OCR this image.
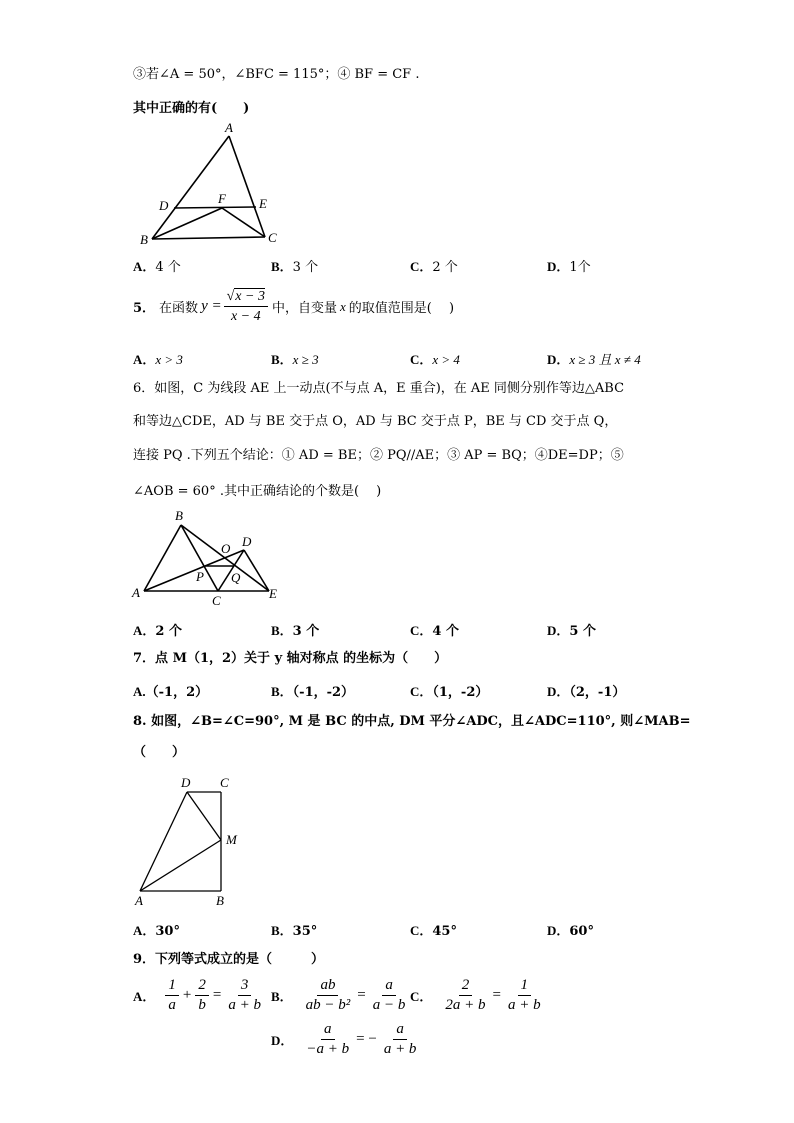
③若∠A = 50°，∠BFC = 115°；④ BF = CF .
其中正确的有(　　)
A
D	F	E
B	C
A．4 个	B．3 个	C．2 个	D．1个
5． 在函数 $y = \frac{√x - 3}{x - 4}$ 中，自变量 x 的取值范围是(　 )
A．x > 3	B．x ≥ 3	C．x > 4	D．x ≥ 3 且 x ≠ 4
6．如图，C 为线段 AE 上一动点(不与点 A，E 重合)，在 AE 同侧分别作等边△ABC
和等边△CDE，AD 与 BE 交于点 O，AD 与 BC 交于点 P，BE 与 CD 交于点 Q，
连接 PQ .下列五个结论：① AD = BE；② PQ//AE；③ AP = BQ；④DE=DP；⑤
∠AOB = 60° .其中正确结论的个数是(　 )
A
B
C
D
E
O
P Q
A．2 个	B．3 个	C．4 个	D．5 个
7．点 M（1，2）关于 y 轴对称点 的坐标为（　　）
A.（-1，2）	B．（-1，-2）	C．（1，-2）	D．（2，-1）
8. 如图，∠B=∠C=90°, M 是 BC 的中点, DM 平分∠ADC，且∠ADC=110°, 则∠MAB=
（　　）
D C
M
A	B
A．30°	B．35°	C．45°	D．60°
9．下列等式成立的是（　　　）
A． $\frac{1}{a} + \frac{2}{b} = \frac{3}{a + b}$ B． $\frac{ab}{\text{ab − b²}} = \frac{a}{a - b}$ C． $\frac{2}{2a + b} = \frac{1}{a + b}$
D． $\frac{a}{-a + b}$ = − $\frac{a}{a + b}$
